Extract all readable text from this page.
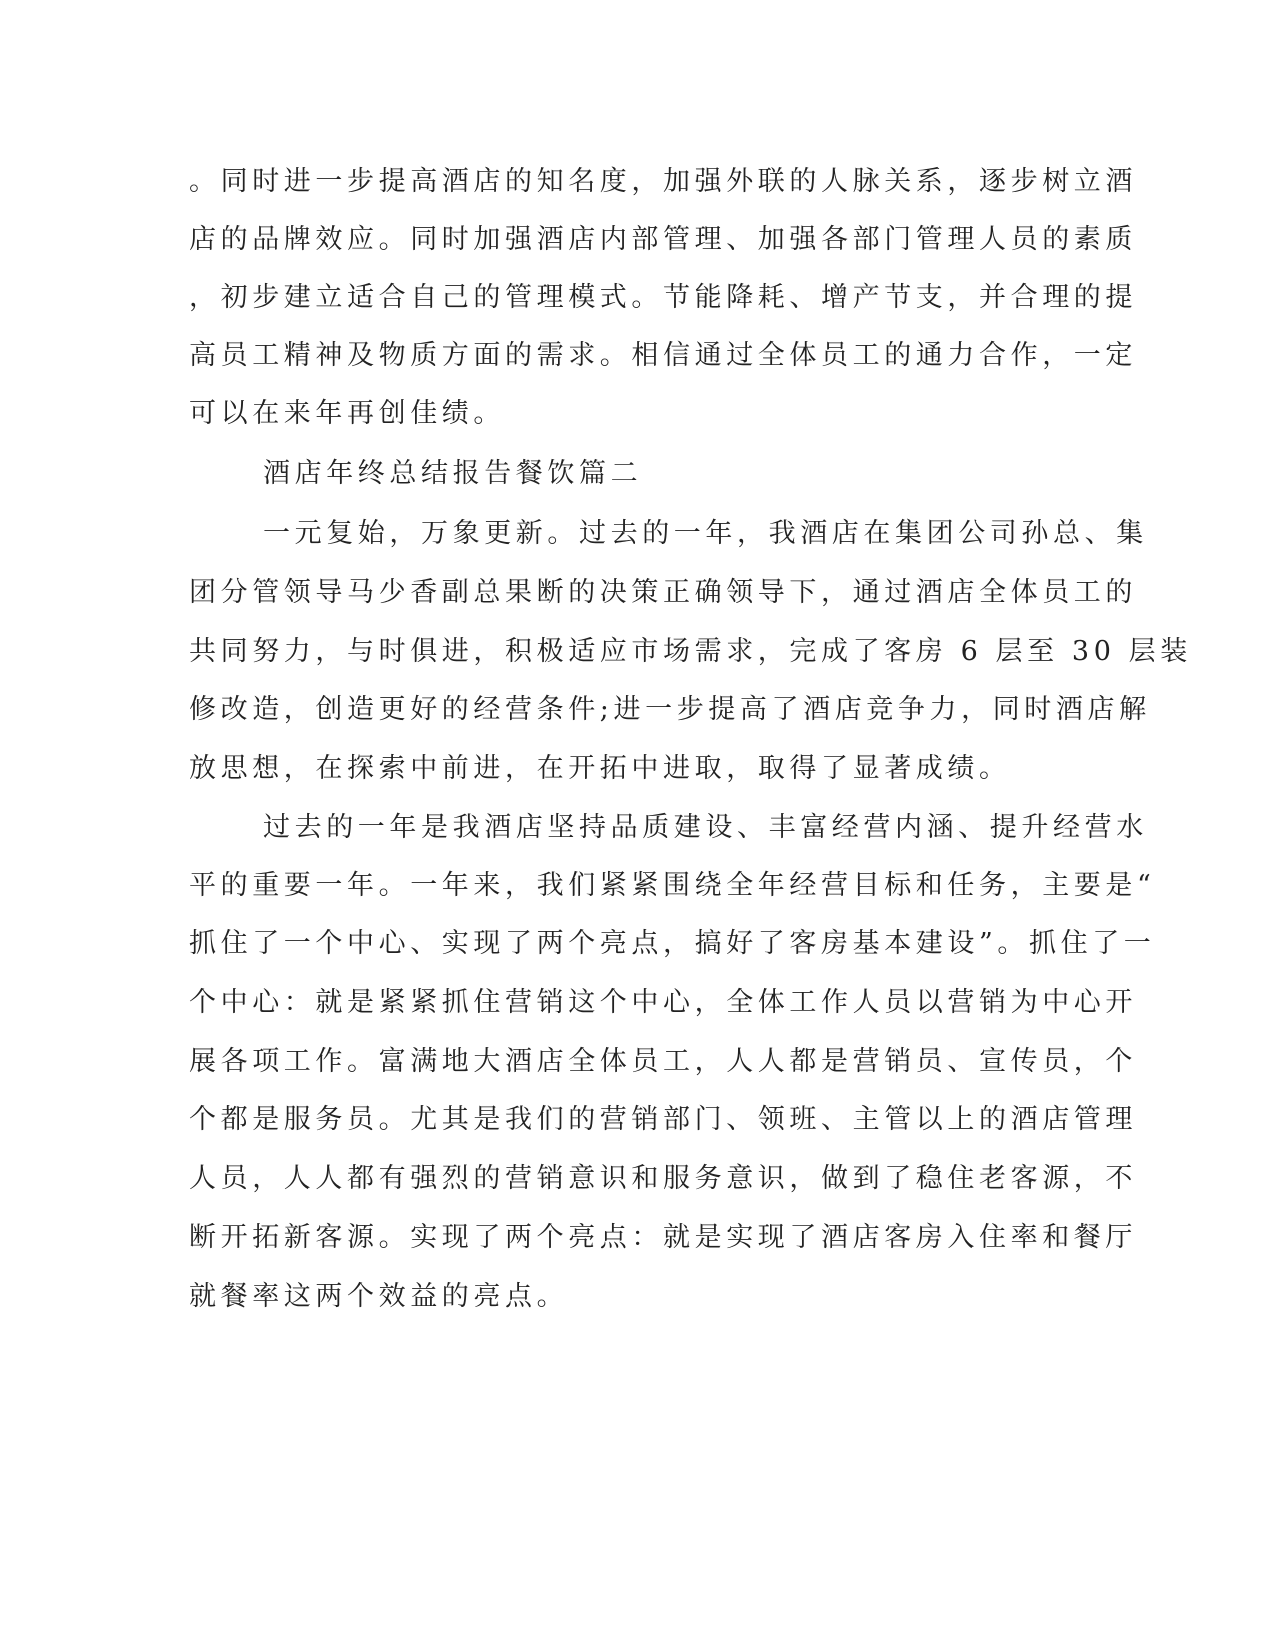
。同时进一步提高酒店的知名度，加强外联的人脉关系，逐步树立酒
店的品牌效应。同时加强酒店内部管理、加强各部门管理人员的素质
，初步建立适合自己的管理模式。节能降耗、增产节支，并合理的提
高员工精神及物质方面的需求。相信通过全体员工的通力合作，一定
可以在来年再创佳绩。
酒店年终总结报告餐饮篇二
一元复始，万象更新。过去的一年，我酒店在集团公司孙总、集
团分管领导马少香副总果断的决策正确领导下，通过酒店全体员工的
共同努力，与时俱进，积极适应市场需求，完成了客房 6 层至 30 层装
修改造，创造更好的经营条件;进一步提高了酒店竞争力，同时酒店解
放思想，在探索中前进，在开拓中进取，取得了显著成绩。
过去的一年是我酒店坚持品质建设、丰富经营内涵、提升经营水
平的重要一年。一年来，我们紧紧围绕全年经营目标和任务，主要是“
抓住了一个中心、实现了两个亮点，搞好了客房基本建设”。抓住了一
个中心：就是紧紧抓住营销这个中心，全体工作人员以营销为中心开
展各项工作。富满地大酒店全体员工，人人都是营销员、宣传员，个
个都是服务员。尤其是我们的营销部门、领班、主管以上的酒店管理
人员，人人都有强烈的营销意识和服务意识，做到了稳住老客源，不
断开拓新客源。实现了两个亮点：就是实现了酒店客房入住率和餐厅
就餐率这两个效益的亮点。
